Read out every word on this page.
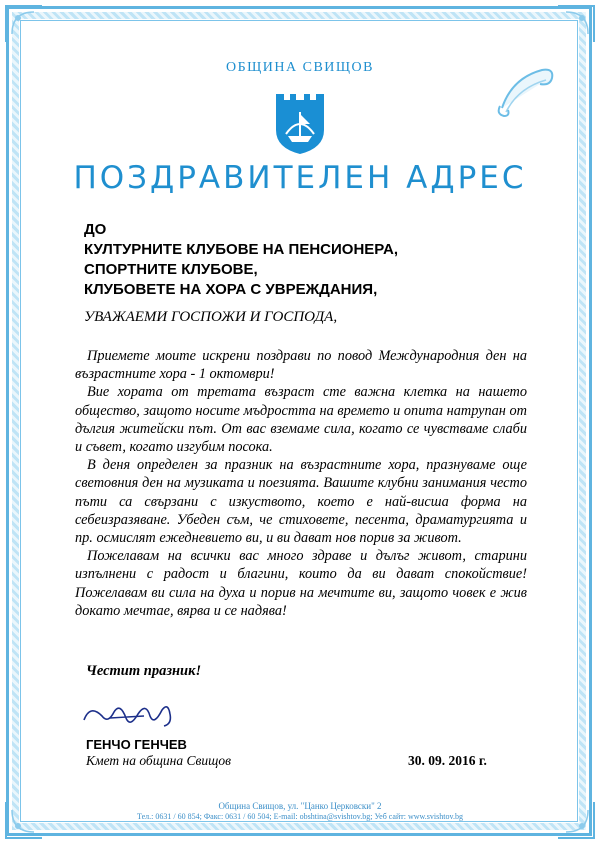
ОБЩИНА СВИЩОВ
ПОЗДРАВИТЕЛЕН АДРЕС
ДО
КУЛТУРНИТЕ КЛУБОВЕ НА ПЕНСИОНЕРА,
СПОРТНИТЕ КЛУБОВЕ,
КЛУБОВЕТЕ НА ХОРА С УВРЕЖДАНИЯ,
УВАЖАЕМИ ГОСПОЖИ И ГОСПОДА,

Приемете моите искрени поздрави по повод Международния ден на възрастните хора - 1 октомври!

Вие хората от третата възраст сте важна клетка на нашето общество, защото носите мъдростта на времето и опита натрупан от дългия житейски път. От вас вземаме сила, когато се чувстваме слаби и съвет, когато изгубим посока.

В деня определен за празник на възрастните хора, празнуваме още световния ден на музиката и поезията. Вашите клубни занимания често пъти са свързани с изкуството, което е най-висша форма на себеизразяване. Убеден съм, че стиховете, песента, драматургията и пр. осмислят ежедневието ви, и ви дават нов порив за живот.

Пожелавам на всички вас много здраве и дълъг живот, старини изпълнени с радост и благини, които да ви дават спокойствие! Пожелавам ви сила на духа и порив на мечтите ви, защото човек е жив докато мечтае, вярва и се надява!

Честит празник!
ГЕНЧО ГЕНЧЕВ
Кмет на община Свищов	30. 09. 2016 г.
Община Свищов, ул. "Цанко Церковски" 2
Тел.: 0631 / 60 854; Факс: 0631 / 60 504; E-mail: obshtina@svishtov.bg; Уеб сайт: www.svishtov.bg
